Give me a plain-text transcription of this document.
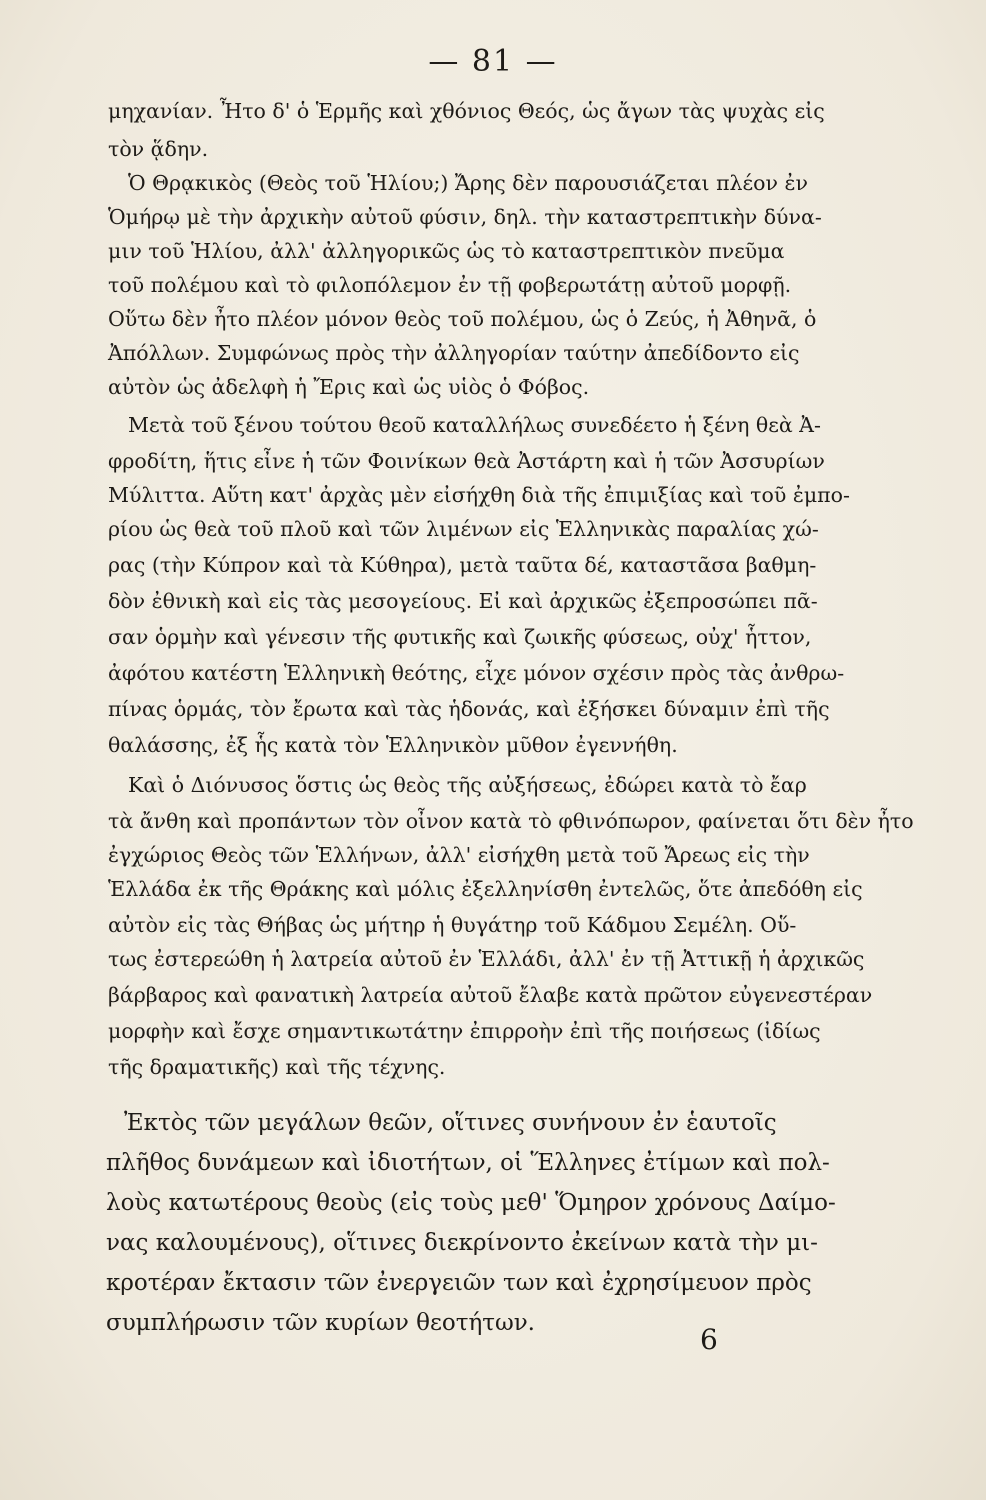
— 81 —
μηχανίαν. Ἦτο δ' ὁ Ἑρμῆς καὶ χθόνιος Θεός, ὡς ἄγων τὰς ψυχὰς εἰς
τὸν ᾅδην.
Ὁ Θρᾳκικὸς (Θεὸς τοῦ Ἡλίου;) Ἄρης δὲν παρουσιάζεται πλέον ἐν
Ὁμήρῳ μὲ τὴν ἀρχικὴν αὐτοῦ φύσιν, δηλ. τὴν καταστρεπτικὴν δύνα-
μιν τοῦ Ἡλίου, ἀλλ' ἀλληγορικῶς ὡς τὸ καταστρεπτικὸν πνεῦμα
τοῦ πολέμου καὶ τὸ φιλοπόλεμον ἐν τῇ φοβερωτάτῃ αὐτοῦ μορφῇ.
Οὕτω δὲν ἦτο πλέον μόνον θεὸς τοῦ πολέμου, ὡς ὁ Ζεύς, ἡ Ἀθηνᾶ, ὁ
Ἀπόλλων. Συμφώνως πρὸς τὴν ἀλληγορίαν ταύτην ἀπεδίδοντο εἰς
αὐτὸν ὡς ἀδελφὴ ἡ Ἔρις καὶ ὡς υἱὸς ὁ Φόβος.
Μετὰ τοῦ ξένου τούτου θεοῦ καταλλήλως συνεδέετο ἡ ξένη θεὰ Ἀ-
φροδίτη, ἥτις εἶνε ἡ τῶν Φοινίκων θεὰ Ἀστάρτη καὶ ἡ τῶν Ἀσσυρίων
Μύλιττα. Αὕτη κατ' ἀρχὰς μὲν εἰσήχθη διὰ τῆς ἐπιμιξίας καὶ τοῦ ἐμπο-
ρίου ὡς θεὰ τοῦ πλοῦ καὶ τῶν λιμένων εἰς Ἑλληνικὰς παραλίας χώ-
ρας (τὴν Κύπρον καὶ τὰ Κύθηρα), μετὰ ταῦτα δέ, καταστᾶσα βαθμη-
δὸν ἐθνικὴ καὶ εἰς τὰς μεσογείους. Εἰ καὶ ἀρχικῶς ἐξεπροσώπει πᾶ-
σαν ὁρμὴν καὶ γένεσιν τῆς φυτικῆς καὶ ζωικῆς φύσεως, οὐχ' ἧττον,
ἀφότου κατέστη Ἑλληνικὴ θεότης, εἶχε μόνον σχέσιν πρὸς τὰς ἀνθρω-
πίνας ὁρμάς, τὸν ἔρωτα καὶ τὰς ἡδονάς, καὶ ἐξήσκει δύναμιν ἐπὶ τῆς
θαλάσσης, ἐξ ἧς κατὰ τὸν Ἑλληνικὸν μῦθον ἐγεννήθη.
Καὶ ὁ Διόνυσος ὅστις ὡς θεὸς τῆς αὐξήσεως, ἐδώρει κατὰ τὸ ἔαρ
τὰ ἄνθη καὶ προπάντων τὸν οἶνον κατὰ τὸ φθινόπωρον, φαίνεται ὅτι δὲν ἦτο
ἐγχώριος Θεὸς τῶν Ἑλλήνων, ἀλλ' εἰσήχθη μετὰ τοῦ Ἄρεως εἰς τὴν
Ἑλλάδα ἐκ τῆς Θράκης καὶ μόλις ἐξελληνίσθη ἐντελῶς, ὅτε ἀπεδόθη εἰς
αὐτὸν εἰς τὰς Θήβας ὡς μήτηρ ἡ θυγάτηρ τοῦ Κάδμου Σεμέλη. Οὕ-
τως ἐστερεώθη ἡ λατρεία αὐτοῦ ἐν Ἑλλάδι, ἀλλ' ἐν τῇ Ἀττικῇ ἡ ἀρχικῶς
βάρβαρος καὶ φανατικὴ λατρεία αὐτοῦ ἔλαβε κατὰ πρῶτον εὐγενεστέραν
μορφὴν καὶ ἔσχε σημαντικωτάτην ἐπιρροὴν ἐπὶ τῆς ποιήσεως (ἰδίως
τῆς δραματικῆς) καὶ τῆς τέχνης.
Ἐκτὸς τῶν μεγάλων θεῶν, οἵτινες συνήνουν ἐν ἑαυτοῖς
πλῆθος δυνάμεων καὶ ἰδιοτήτων, οἱ Ἕλληνες ἐτίμων καὶ πολ-
λοὺς κατωτέρους θεοὺς (εἰς τοὺς μεθ' Ὅμηρον χρόνους Δαίμο-
νας καλουμένους), οἵτινες διεκρίνοντο ἐκείνων κατὰ τὴν μι-
κροτέραν ἔκτασιν τῶν ἐνεργειῶν των καὶ ἐχρησίμευον πρὸς
συμπλήρωσιν τῶν κυρίων θεοτήτων.	6
